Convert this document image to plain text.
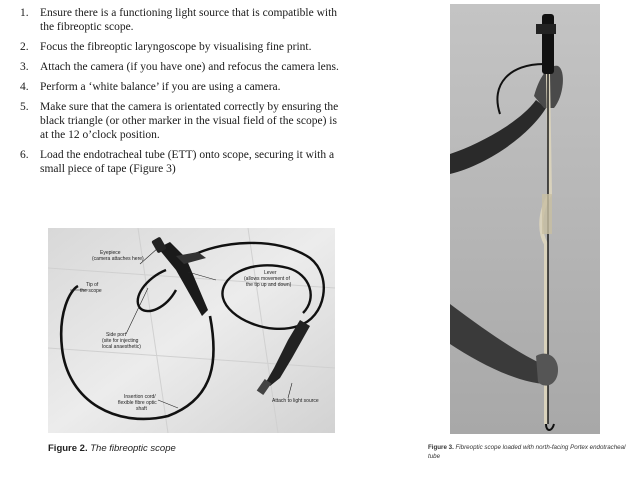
1. Ensure there is a functioning light source that is compatible with the fibreoptic scope.
2. Focus the fibreoptic laryngoscope by visualising fine print.
3. Attach the camera (if you have one) and refocus the camera lens.
4. Perform a ‘white balance’ if you are using a camera.
5. Make sure that the camera is orientated correctly by ensuring the black triangle (or other marker in the visual field of the scope) is at the 12 o’clock position.
6. Load the endotracheal tube (ETT) onto scope, securing it with a small piece of tape (Figure 3)
Eyepiece
(camera attaches here)
Lever
(allows movement of
the tip up and down)
Tip of
the scope
Side port
(site for injecting
local anaesthetic)
Insertion cord/
flexible fibre optic
shaft
Attach to light source
Figure 2. The fibreoptic scope	Figure 3. Fibreoptic scope loaded with north-facing Portex endotracheal tube
